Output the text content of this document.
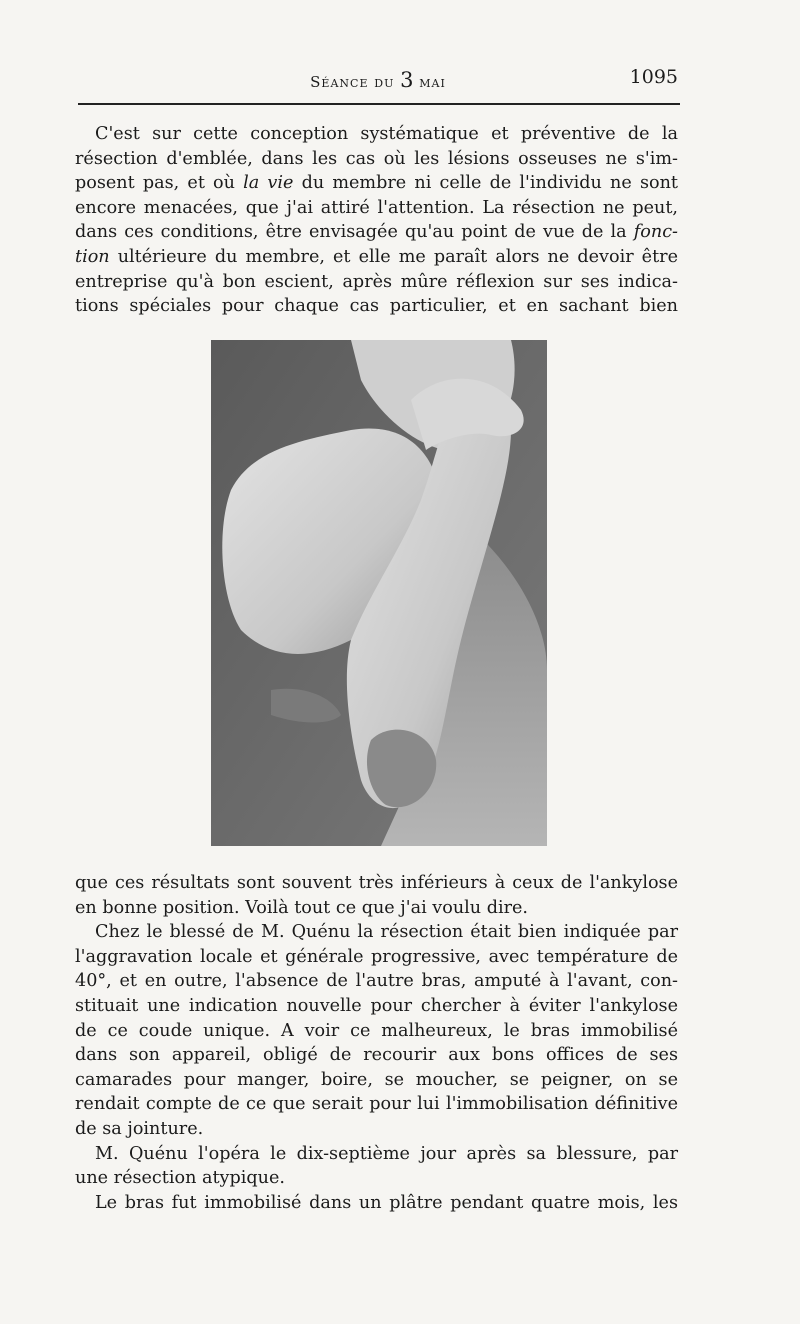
Séance du 3 mai	1095
C'est sur cette conception systématique et préventive de la
résection d'emblée, dans les cas où les lésions osseuses ne s'im-
posent pas, et où la vie du membre ni celle de l'individu ne sont
encore menacées, que j'ai attiré l'attention. La résection ne peut,
dans ces conditions, être envisagée qu'au point de vue de la fonc-
tion ultérieure du membre, et elle me paraît alors ne devoir être
entreprise qu'à bon escient, après mûre réflexion sur ses indica-
tions spéciales pour chaque cas particulier, et en sachant bien
que ces résultats sont souvent très inférieurs à ceux de l'ankylose
en bonne position. Voilà tout ce que j'ai voulu dire.
Chez le blessé de M. Quénu la résection était bien indiquée par
l'aggravation locale et générale progressive, avec température de
40°, et en outre, l'absence de l'autre bras, amputé à l'avant, con-
stituait une indication nouvelle pour chercher à éviter l'ankylose
de ce coude unique. A voir ce malheureux, le bras immobilisé
dans son appareil, obligé de recourir aux bons offices de ses
camarades pour manger, boire, se moucher, se peigner, on se
rendait compte de ce que serait pour lui l'immobilisation définitive
de sa jointure.
M. Quénu l'opéra le dix-septième jour après sa blessure, par
une résection atypique.
Le bras fut immobilisé dans un plâtre pendant quatre mois, les
